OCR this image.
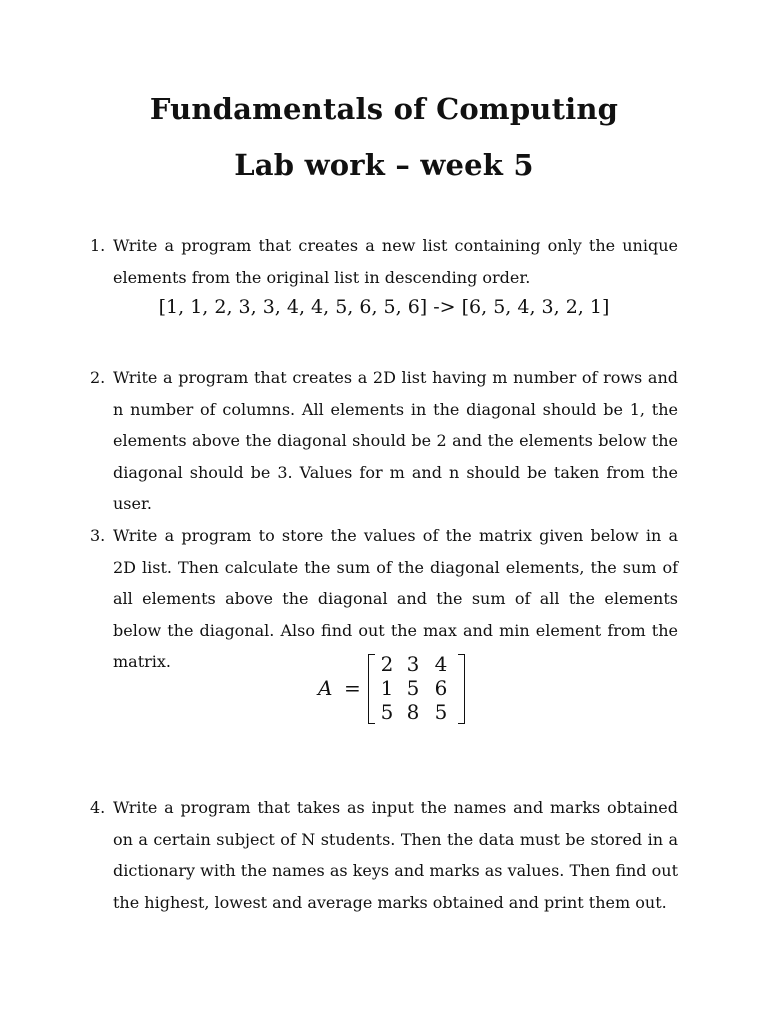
Fundamentals of Computing
Lab work – week 5
1. Write a program that creates a new list containing only the unique elements from the original list in descending order.
[1, 1, 2, 3, 3, 4, 4, 5, 6, 5, 6] -> [6, 5, 4, 3, 2, 1]
2. Write a program that creates a 2D list having m number of rows and n number of columns. All elements in the diagonal should be 1, the elements above the diagonal should be 2 and the elements below the diagonal should be 3. Values for m and n should be taken from the user.
3. Write a program to store the values of the matrix given below in a 2D list. Then calculate the sum of the diagonal elements, the sum of all elements above the diagonal and the sum of all the elements below the diagonal. Also find out the max and min element from the matrix.
A =
2 3 4
1 5 6
5 8 5
4. Write a program that takes as input the names and marks obtained on a certain subject of N students. Then the data must be stored in a dictionary with the names as keys and marks as values. Then find out the highest, lowest and average marks obtained and print them out.
